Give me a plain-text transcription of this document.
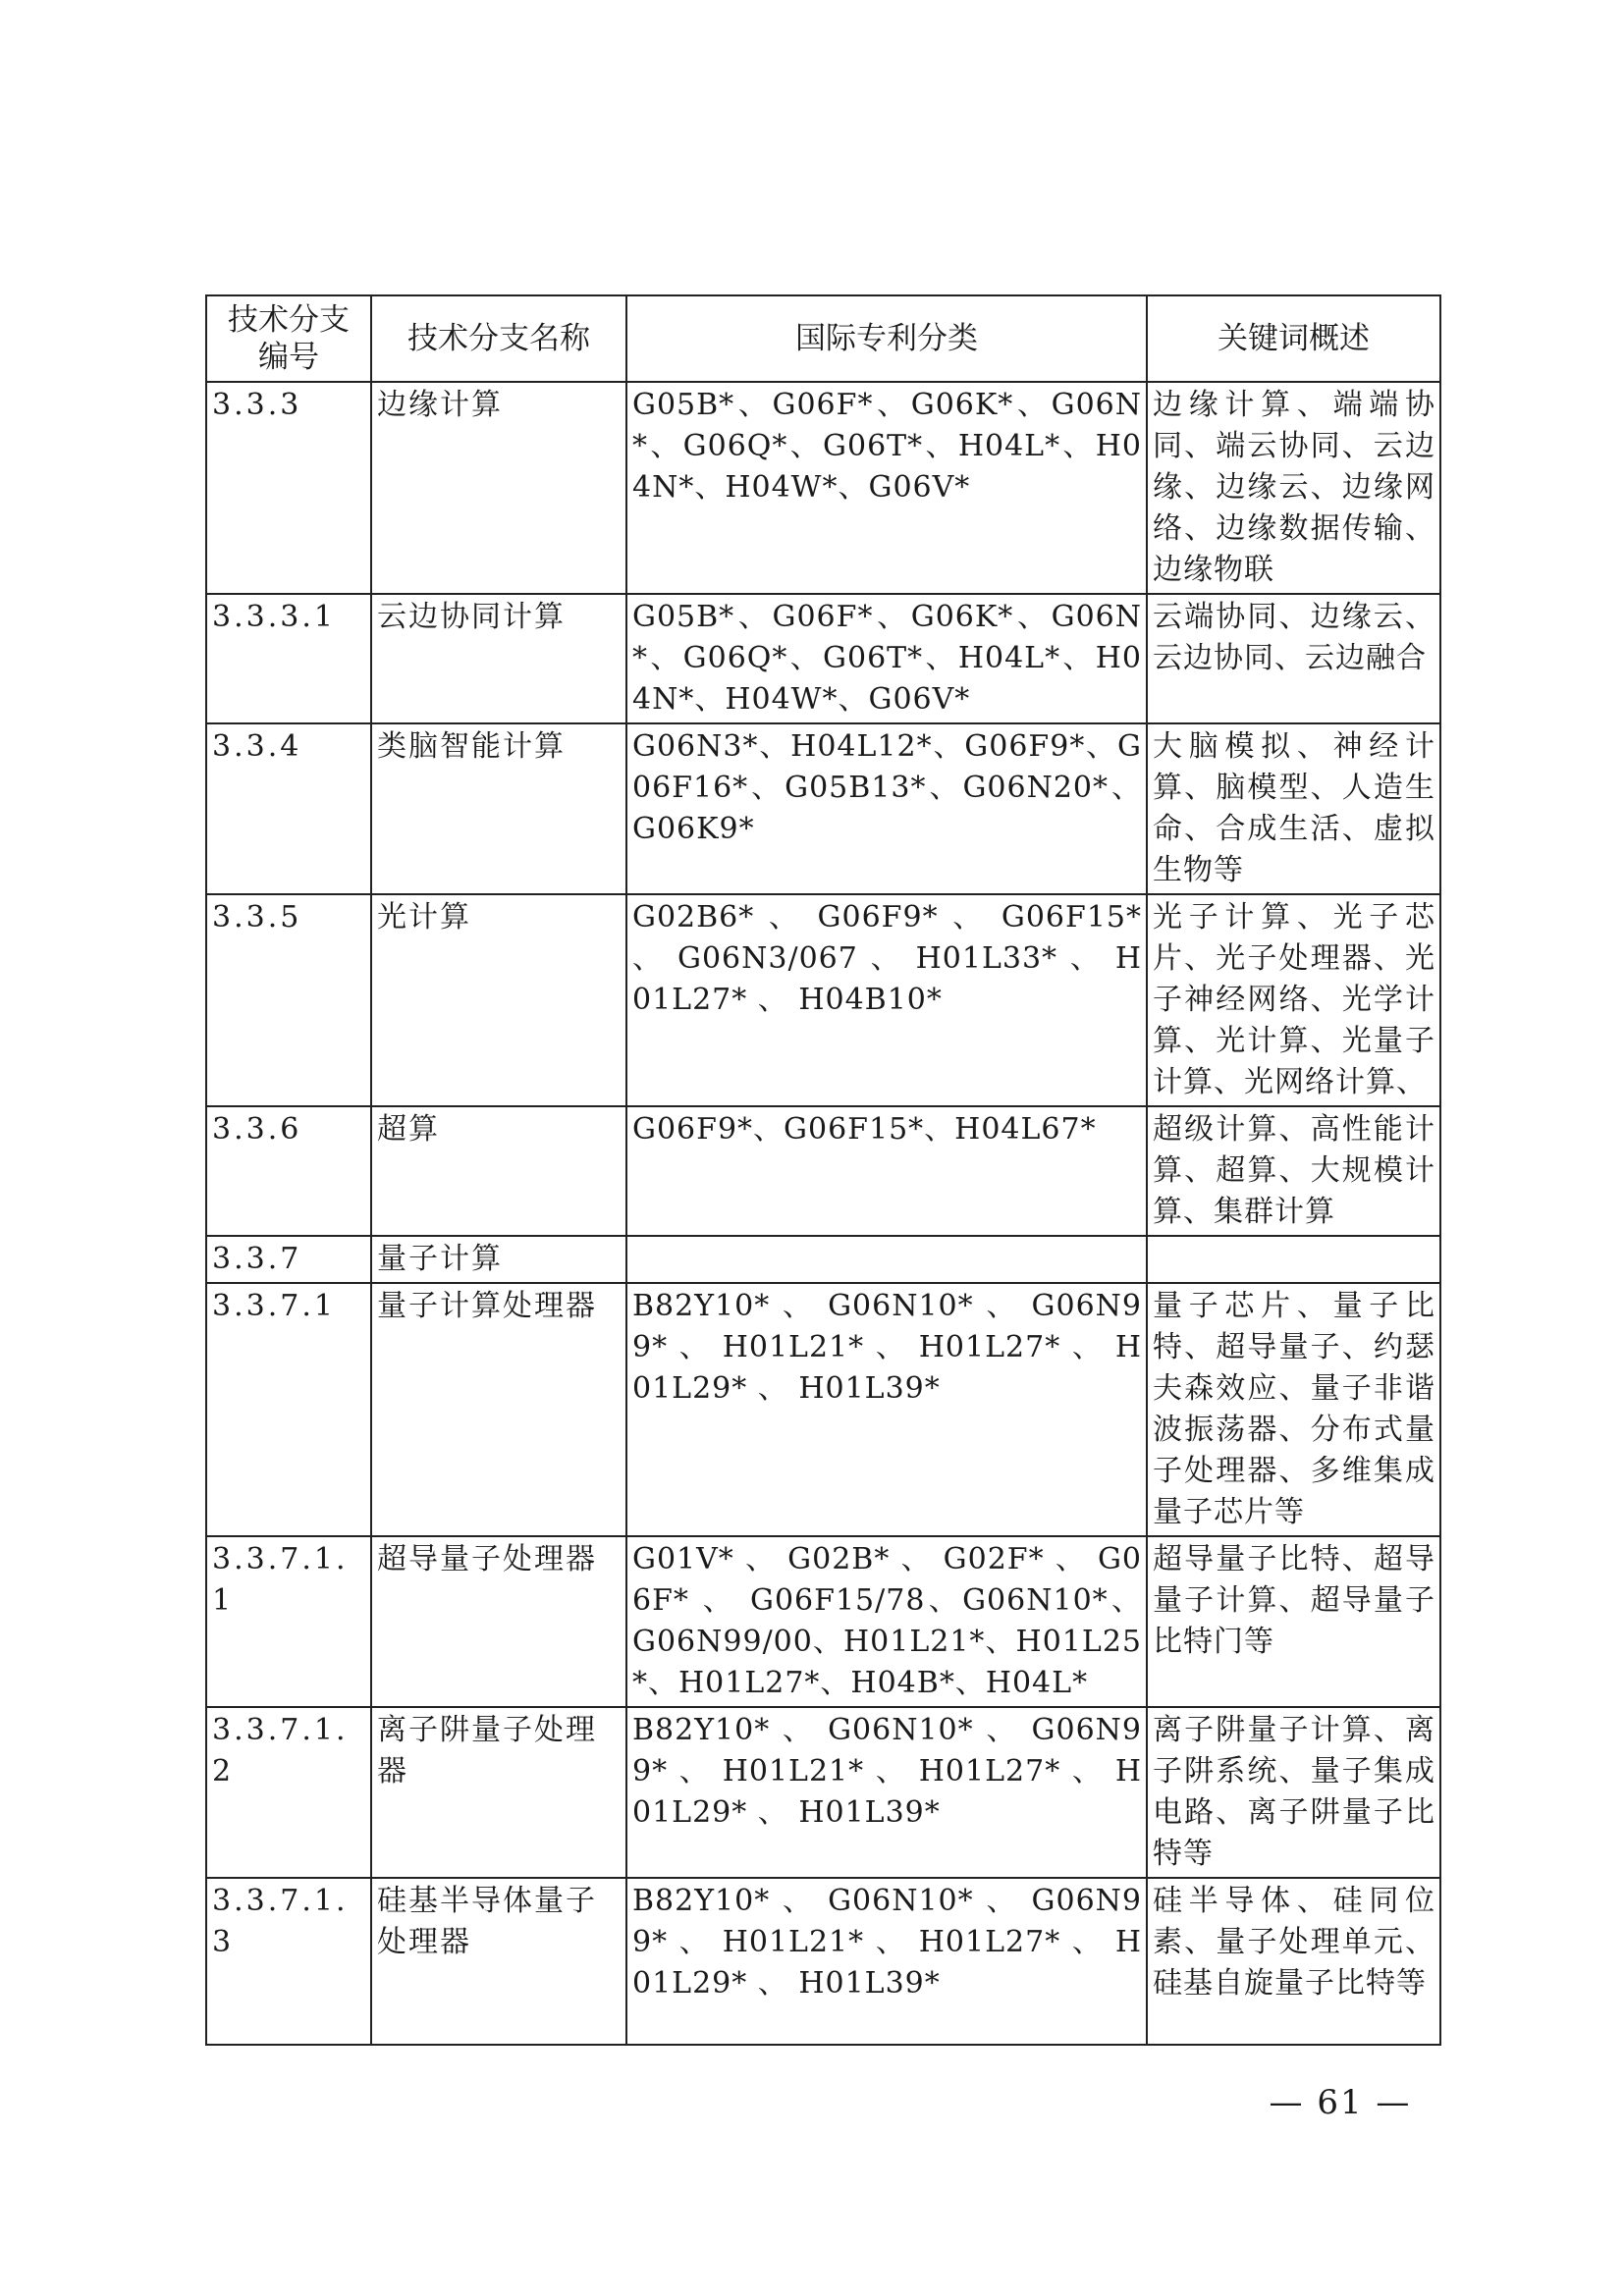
技术分支编号	技术分支名称	国际专利分类	关键词概述
3.3.3	边缘计算	G05B*、G06F*、G06K*、G06N*、G06Q*、G06T*、H04L*、H04N*、H04W*、G06V*	边缘计算、端端协同、端云协同、云边缘、边缘云、边缘网络、边缘数据传输、边缘物联
3.3.3.1	云边协同计算	G05B*、G06F*、G06K*、G06N*、G06Q*、G06T*、H04L*、H04N*、H04W*、G06V*	云端协同、边缘云、云边协同、云边融合
3.3.4	类脑智能计算	G06N3*、H04L12*、G06F9*、G06F16*、G05B13*、G06N20*、G06K9*	大脑模拟、神经计算、脑模型、人造生命、合成生活、虚拟生物等
3.3.5	光计算	G02B6* 、 G06F9* 、 G06F15* 、 G06N3/067 、 H01L33* 、 H01L27* 、 H04B10*	光子计算、光子芯片、光子处理器、光子神经网络、光学计算、光计算、光量子计算、光网络计算、
3.3.6	超算	G06F9*、G06F15*、H04L67*	超级计算、高性能计算、超算、大规模计算、集群计算
3.3.7	量子计算		
3.3.7.1	量子计算处理器	B82Y10* 、 G06N10* 、 G06N99* 、 H01L21* 、 H01L27* 、 H01L29* 、 H01L39*	量子芯片、量子比特、超导量子、约瑟夫森效应、量子非谐波振荡器、分布式量子处理器、多维集成量子芯片等
3.3.7.1.1	超导量子处理器	G01V* 、 G02B* 、 G02F* 、 G06F* 、 G06F15/78、G06N10*、G06N99/00、H01L21*、H01L25*、H01L27*、H04B*、H04L*	超导量子比特、超导量子计算、超导量子比特门等
3.3.7.1.2	离子阱量子处理器	B82Y10* 、 G06N10* 、 G06N99* 、 H01L21* 、 H01L27* 、 H01L29* 、 H01L39*	离子阱量子计算、离子阱系统、量子集成电路、离子阱量子比特等
3.3.7.1.3	硅基半导体量子处理器	B82Y10* 、 G06N10* 、 G06N99* 、 H01L21* 、 H01L27* 、 H01L29* 、 H01L39*	硅半导体、硅同位素、量子处理单元、硅基自旋量子比特等
— 61 —
